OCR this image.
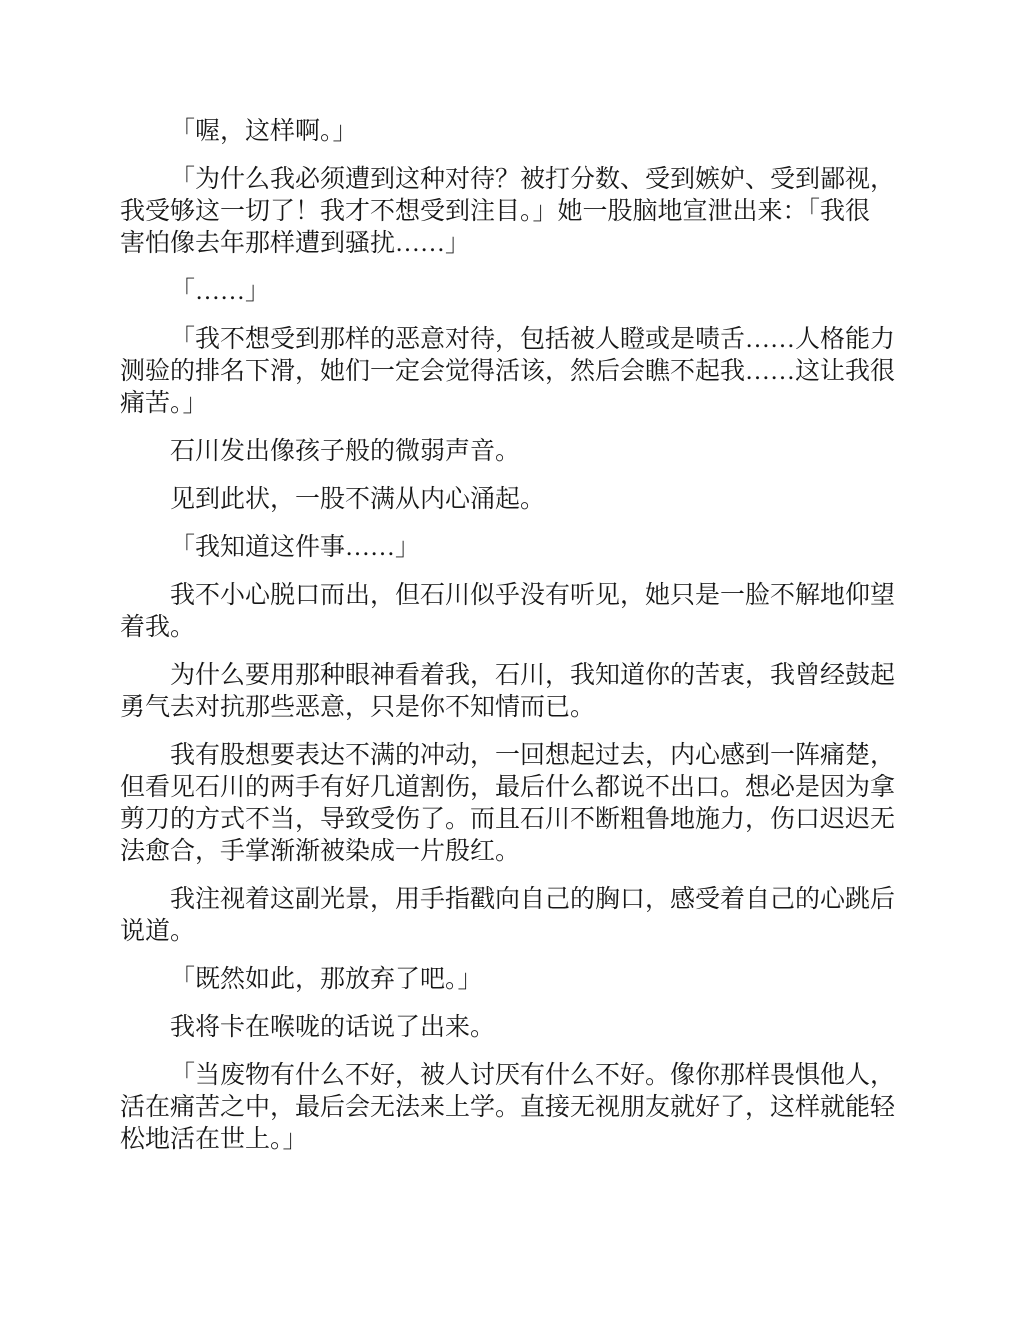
「喔，这样啊。」
「为什么我必须遭到这种对待？被打分数、受到嫉妒、受到鄙视，
我受够这一切了！我才不想受到注目。」她一股脑地宣泄出来：「我很
害怕像去年那样遭到骚扰……」
「……」
「我不想受到那样的恶意对待，包括被人瞪或是啧舌……人格能力
测验的排名下滑，她们一定会觉得活该，然后会瞧不起我……这让我很
痛苦。」
石川发出像孩子般的微弱声音。
见到此状，一股不满从内心涌起。
「我知道这件事……」
我不小心脱口而出，但石川似乎没有听见，她只是一脸不解地仰望
着我。
为什么要用那种眼神看着我，石川，我知道你的苦衷，我曾经鼓起
勇气去对抗那些恶意，只是你不知情而已。
我有股想要表达不满的冲动，一回想起过去，内心感到一阵痛楚，
但看见石川的两手有好几道割伤，最后什么都说不出口。想必是因为拿
剪刀的方式不当，导致受伤了。而且石川不断粗鲁地施力，伤口迟迟无
法愈合，手掌渐渐被染成一片殷红。
我注视着这副光景，用手指戳向自己的胸口，感受着自己的心跳后
说道。
「既然如此，那放弃了吧。」
我将卡在喉咙的话说了出来。
「当废物有什么不好，被人讨厌有什么不好。像你那样畏惧他人，
活在痛苦之中，最后会无法来上学。直接无视朋友就好了，这样就能轻
松地活在世上。」
